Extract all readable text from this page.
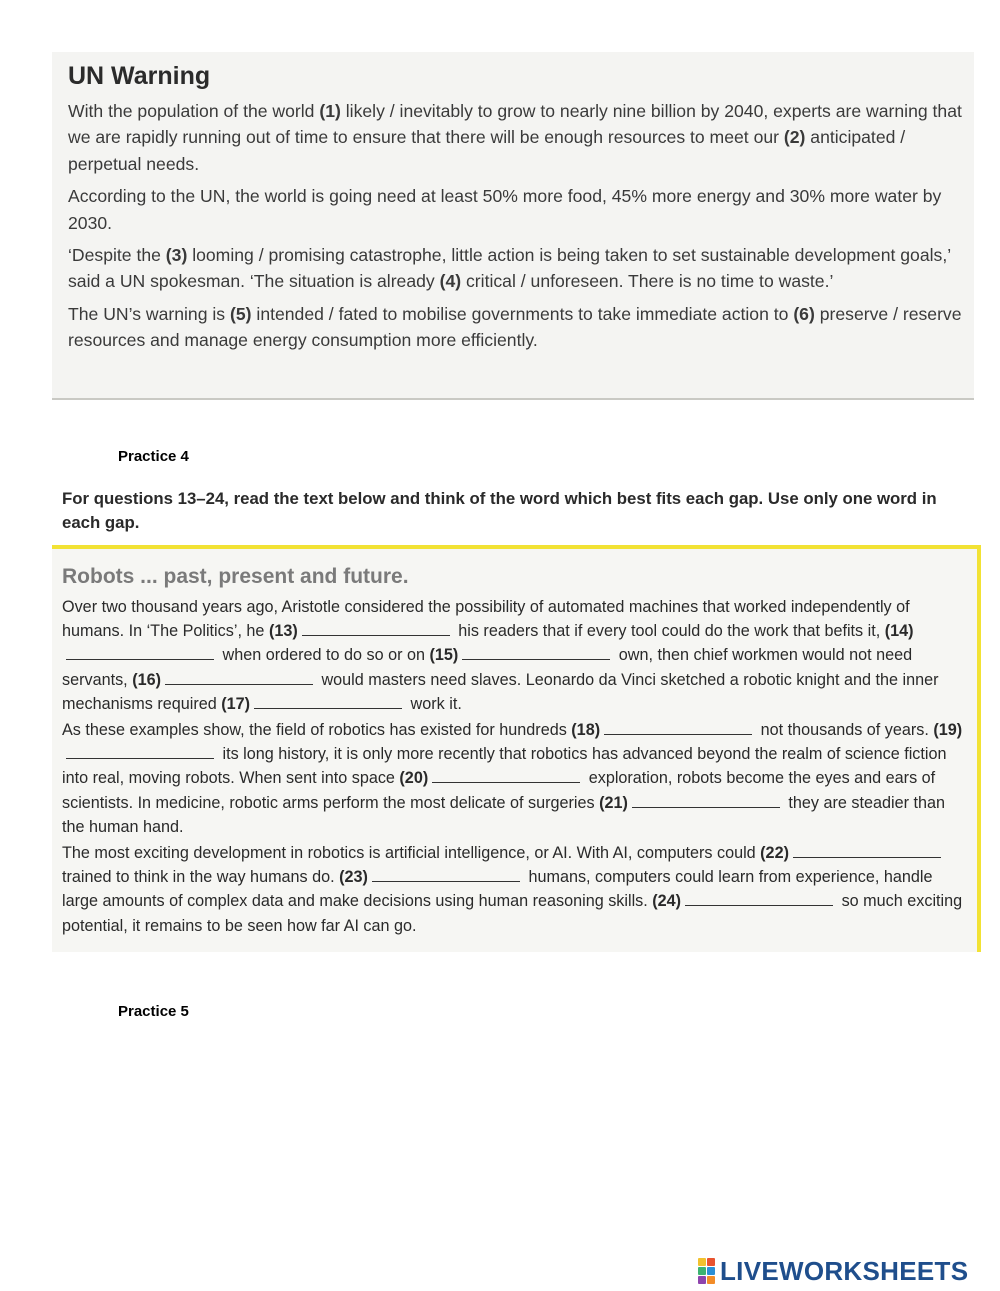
UN Warning

With the population of the world (1) likely / inevitably to grow to nearly nine billion by 2040, experts are warning that we are rapidly running out of time to ensure that there will be enough resources to meet our (2) anticipated / perpetual needs.

According to the UN, the world is going need at least 50% more food, 45% more energy and 30% more water by 2030.

‘Despite the (3) looming / promising catastrophe, little action is being taken to set sustainable development goals,’ said a UN spokesman. ‘The situation is already (4) critical / unforeseen. There is no time to waste.’

The UN’s warning is (5) intended / fated to mobilise governments to take immediate action to (6) preserve / reserve resources and manage energy consumption more efficiently.

Practice 4
For questions 13–24, read the text below and think of the word which best fits each gap. Use only one word in each gap.
Robots ... past, present and future.

Over two thousand years ago, Aristotle considered the possibility of automated machines that worked independently of humans. In ‘The Politics’, he (13)	his readers that if every tool could do the work that befits it, (14) when ordered to do so or on (15)	own, then chief workmen would not need servants, (16)	would masters need slaves. Leonardo da Vinci sketched a robotic knight and the inner mechanisms required (17)	work it.

As these examples show, the field of robotics has existed for hundreds (18)	not thousands of years. (19) its long history, it is only more recently that robotics has advanced beyond the realm of science fiction into real, moving robots. When sent into space (20)	exploration, robots become the eyes and ears of scientists. In medicine, robotic arms perform the most delicate of surgeries (21)	they are steadier than the human hand.

The most exciting development in robotics is artificial intelligence, or AI. With AI, computers could (22) trained to think in the way humans do. (23)	humans, computers could learn from experience, handle large amounts of complex data and make decisions using human reasoning skills. (24)	so much exciting potential, it remains to be seen how far AI can go.

Practice 5
LIVEWORKSHEETS
